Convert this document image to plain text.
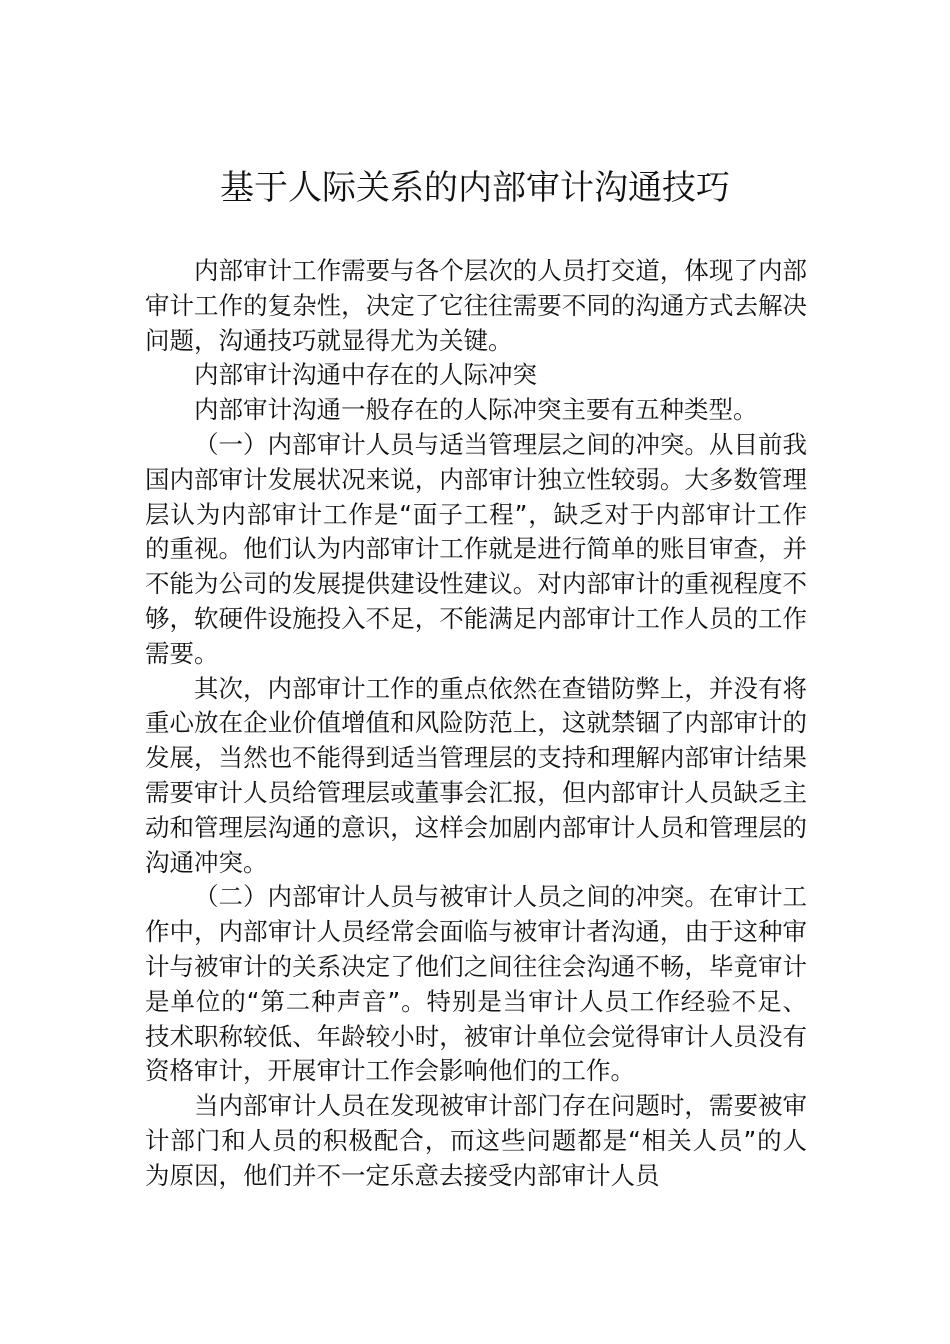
基于人际关系的内部审计沟通技巧

内部审计工作需要与各个层次的人员打交道，体现了内部审计工作的复杂性，决定了它往往需要不同的沟通方式去解决问题，沟通技巧就显得尤为关键。

内部审计沟通中存在的人际冲突

内部审计沟通一般存在的人际冲突主要有五种类型。

（一）内部审计人员与适当管理层之间的冲突。从目前我国内部审计发展状况来说，内部审计独立性较弱。大多数管理层认为内部审计工作是“面子工程”，缺乏对于内部审计工作的重视。他们认为内部审计工作就是进行简单的账目审查，并不能为公司的发展提供建设性建议。对内部审计的重视程度不够，软硬件设施投入不足，不能满足内部审计工作人员的工作需要。

其次，内部审计工作的重点依然在查错防弊上，并没有将重心放在企业价值增值和风险防范上，这就禁锢了内部审计的发展，当然也不能得到适当管理层的支持和理解内部审计结果需要审计人员给管理层或董事会汇报，但内部审计人员缺乏主动和管理层沟通的意识，这样会加剧内部审计人员和管理层的沟通冲突。

（二）内部审计人员与被审计人员之间的冲突。在审计工作中，内部审计人员经常会面临与被审计者沟通，由于这种审计与被审计的关系决定了他们之间往往会沟通不畅，毕竟审计是单位的“第二种声音”。特别是当审计人员工作经验不足、技术职称较低、年龄较小时，被审计单位会觉得审计人员没有资格审计，开展审计工作会影响他们的工作。

当内部审计人员在发现被审计部门存在问题时，需要被审计部门和人员的积极配合，而这些问题都是“相关人员”的人为原因，他们并不一定乐意去接受内部审计人员
